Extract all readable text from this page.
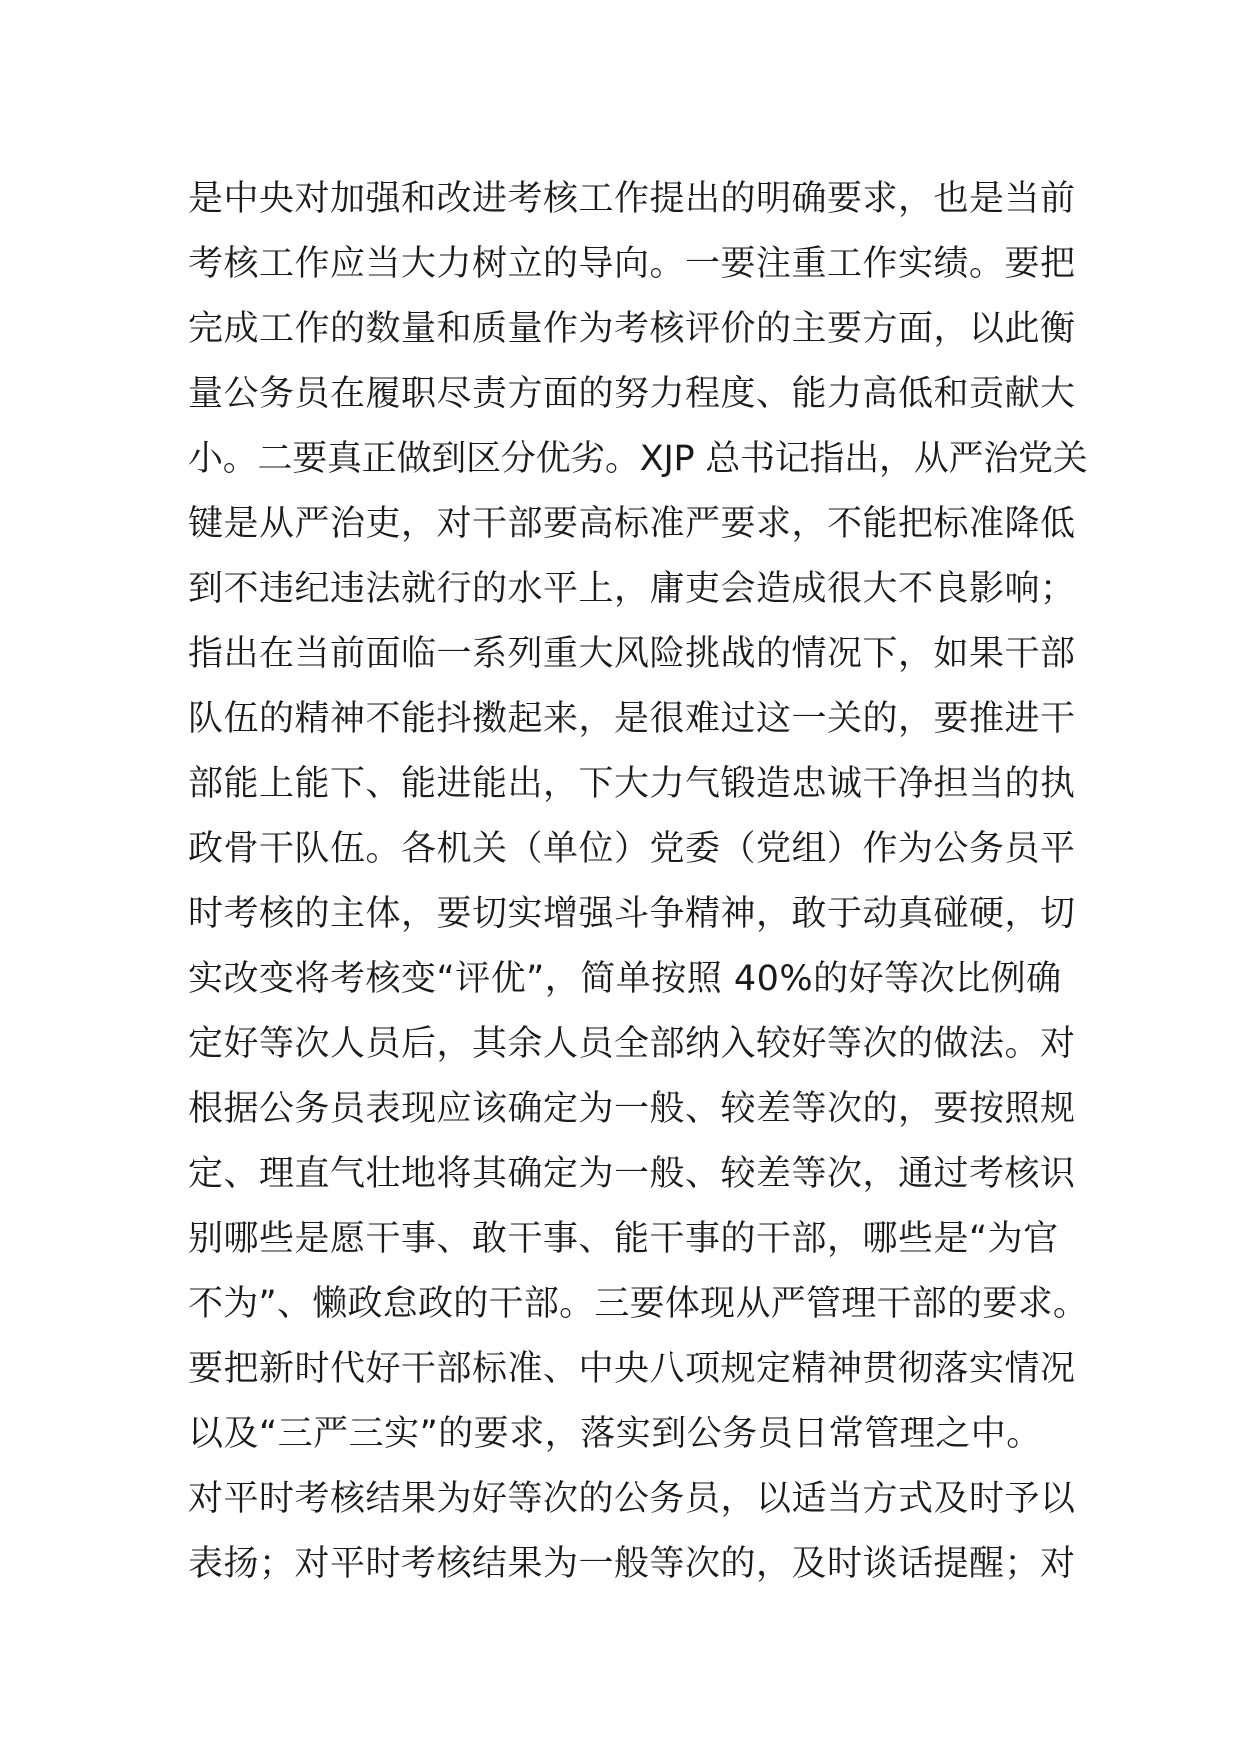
是中央对加强和改进考核工作提出的明确要求，也是当前
考核工作应当大力树立的导向。一要注重工作实绩。要把
完成工作的数量和质量作为考核评价的主要方面，以此衡
量公务员在履职尽责方面的努力程度、能力高低和贡献大
小。二要真正做到区分优劣。XJP 总书记指出，从严治党关
键是从严治吏，对干部要高标准严要求，不能把标准降低
到不违纪违法就行的水平上，庸吏会造成很大不良影响；
指出在当前面临一系列重大风险挑战的情况下，如果干部
队伍的精神不能抖擞起来，是很难过这一关的，要推进干
部能上能下、能进能出，下大力气锻造忠诚干净担当的执
政骨干队伍。各机关（单位）党委（党组）作为公务员平
时考核的主体，要切实增强斗争精神，敢于动真碰硬，切
实改变将考核变“评优”，简单按照 40%的好等次比例确
定好等次人员后，其余人员全部纳入较好等次的做法。对
根据公务员表现应该确定为一般、较差等次的，要按照规
定、理直气壮地将其确定为一般、较差等次，通过考核识
别哪些是愿干事、敢干事、能干事的干部，哪些是“为官
不为”、懒政怠政的干部。三要体现从严管理干部的要求。
要把新时代好干部标准、中央八项规定精神贯彻落实情况
以及“三严三实”的要求，落实到公务员日常管理之中。
对平时考核结果为好等次的公务员，以适当方式及时予以
表扬；对平时考核结果为一般等次的，及时谈话提醒；对
